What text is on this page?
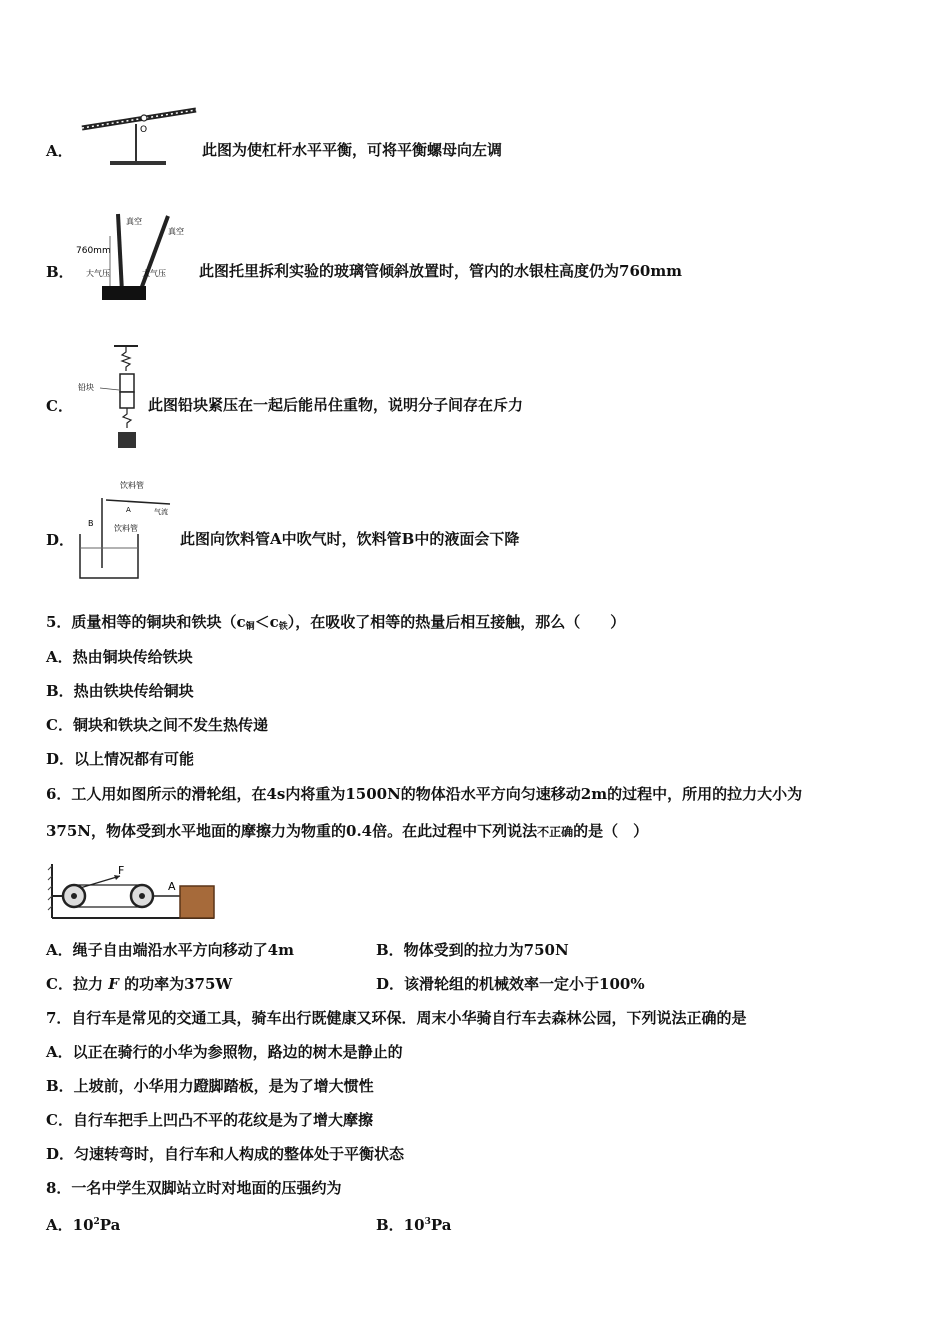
A．
O
此图为使杠杆水平平衡，可将平衡螺母向左调
B．
真空
真空
760mm
大气压	大气压 此图托里拆利实验的玻璃管倾斜放置时，管内的水银柱高度仍为760mm
C．
铅块
此图铅块紧压在一起后能吊住重物，说明分子间存在斥力
D．
饮料管
A	气流
B
饮料管
此图向饮料管A中吹气时，饮料管B中的液面会下降
5．质量相等的铜块和铁块$(c_铜<c_铁)$，在吸收了相等的热量后相互接触，那么（　　）
A．热由铜块传给铁块
B．热由铁块传给铜块
C．铜块和铁块之间不发生热传递
D．以上情况都有可能
6．工人用如图所示的滑轮组，在4s内将重为1500N的物体沿水平方向匀速移动2m的过程中，所用的拉力大小为
375N，物体受到水平地面的摩擦力为物重的0.4倍。在此过程中下列说法不正确的是（　）
F
A
A．绳子自由端沿水平方向移动了4m	B．物体受到的拉力为750N
C．拉力 F 的功率为375W	D．该滑轮组的机械效率一定小于100%
7．自行车是常见的交通工具，骑车出行既健康又环保．周末小华骑自行车去森林公园，下列说法正确的是
A．以正在骑行的小华为参照物，路边的树木是静止的
B．上坡前，小华用力蹬脚踏板，是为了增大惯性
C．自行车把手上凹凸不平的花纹是为了增大摩擦
D．匀速转弯时，自行车和人构成的整体处于平衡状态
8．一名中学生双脚站立时对地面的压强约为
A．$10^2Pa$	B．$10^3Pa$
